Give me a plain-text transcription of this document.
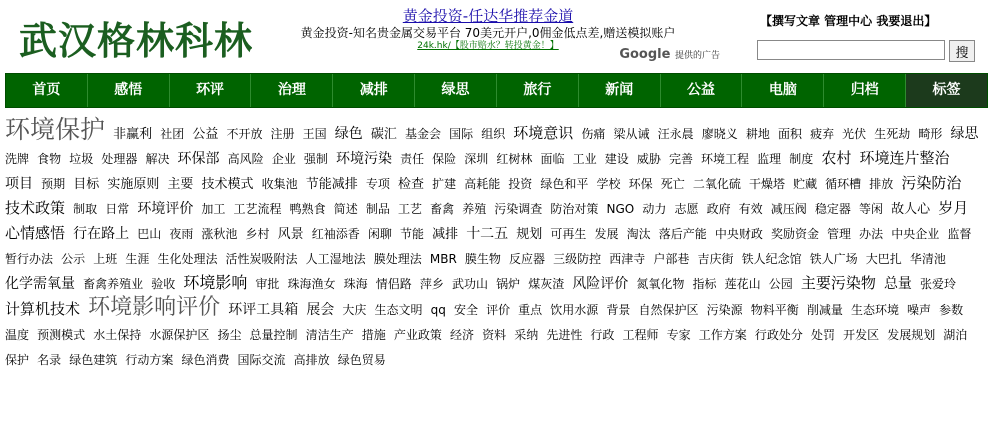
武汉格林科林
黄金投资-任达华推荐金道
黄金投资-知名贵金属交易平台 70美元开户,0佣金低点差,赠送模拟账户
24k.hk/【股市赔水？转投黄金！】
Google 提供的广告
【撰写文章 管理中心 我要退出】
搜
首页	感悟	环评	治理	减排	绿思	旅行	新闻	公益	电脑	归档	标签
环境保护 非赢利 社团 公益 不开放 注册 王国 绿色 碳汇 基金会 国际 组织 环境意识 伤痛 梁从诫 汪永晨 廖晓义 耕地 面积 疲弃 光伏 生死劫 畸形 绿思 洗牌 食物 垃圾 处理器 解决 环保部 高风险 企业 强制 环境污染 责任 保险 深圳 红树林 面临 工业 建设 威胁 完善 环境工程 监理 制度 农村 环境连片整治 项目 预期 目标 实施原则 主要 技术模式 收集池 节能减排 专项 检查 扩建 高耗能 投资 绿色和平 学校 环保 死亡 二氧化硫 干燥塔 贮藏 循环槽 排放 污染防治 技术政策 制取 日常 环境评价 加工 工艺流程 鸭熟食 简述 制品 工艺 畜禽 养殖 污染调查 防治对策 NGO 动力 志愿 政府 有效 减压阀 稳定器 等闲 故人心 岁月 心情感悟 行在路上 巴山 夜雨 涨秋池 乡村 风景 红袖添香 闲聊 节能 减排 十二五 规划 可再生 发展 淘汰 落后产能 中央财政 奖励资金 管理 办法 中央企业 监督 暂行办法 公示 上班 生涯 生化处理法 活性炭吸附法 人工湿地法 膜处理法 MBR 膜生物 反应器 三级防控 西津寺 户部巷 吉庆街 铁人纪念馆 铁人广场 大巴扎 华清池 化学需氧量 畜禽养殖业 验收 环境影响 审批 珠海渔女 珠海 情侣路 萍乡 武功山 锅炉 煤灰渣 风险评价 氮氧化物 指标 莲花山 公园 主要污染物 总量 张爱玲 计算机技术 环境影响评价 环评工具箱 展会 大庆 生态文明 qq 安全 评价 重点 饮用水源 背景 自然保护区 污染源 物料平衡 削减量 生态环境 噪声 参数 温度 预测模式 水土保持 水源保护区 扬尘 总量控制 清洁生产 措施 产业政策 经济 资料 采纳 先进性 行政 工程师 专家 工作方案 行政处分 处罚 开发区 发展规划 湖泊 保护 名录 绿色建筑 行动方案 绿色消费 国际交流 高排放 绿色贸易
